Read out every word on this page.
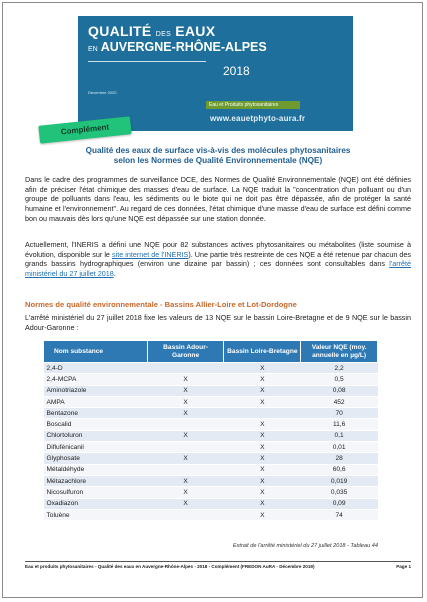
QUALITÉ DES EAUX
EN AUVERGNE-RHÔNE-ALPES
2018
Décembre 2020
Eau et Produits phytosanitaires
www.eauetphyto-aura.fr
Complément
Qualité des eaux de surface vis-à-vis des molécules phytosanitaires
selon les Normes de Qualité Environnementale (NQE)

Dans le cadre des programmes de surveillance DCE, des Normes de Qualité Environnementale (NQE) ont été définies afin de préciser l'état chimique des masses d'eau de surface. La NQE traduit la "concentration d'un polluant ou d'un groupe de polluants dans l'eau, les sédiments ou le biote qui ne doit pas être dépassée, afin de protéger la santé humaine et l'environnement". Au regard de ces données, l'état chimique d'une masse d'eau de surface est défini comme bon ou mauvais dès lors qu'une NQE est dépassée sur une station donnée.

Actuellement, l'INERIS a défini une NQE pour 82 substances actives phytosanitaires ou métabolites (liste soumise à évolution, disponible sur le site internet de l'INERIS). Une partie très restreinte de ces NQE a été retenue par chacun des grands bassins hydrographiques (environ une dizaine par bassin) ; ces données sont consultables dans l'arrêté ministériel du 27 juillet 2018.

Normes de qualité environnementale - Bassins Allier-Loire et Lot-Dordogne

L'arrêté ministériel du 27 juillet 2018 fixe les valeurs de 13 NQE sur le bassin Loire-Bretagne et de 9 NQE sur le bassin Adour-Garonne :

Nom substance	Bassin Adour-Garonne	Bassin Loire-Bretagne	Valeur NQE (moy. annuelle en µg/L)
2,4-D		X	2,2
2,4-MCPA	X	X	0,5
Aminotriazole	X	X	0,08
AMPA	X	X	452
Bentazone	X		70
Boscalid		X	11,6
Chlortoluron	X	X	0,1
Diflufénicanil		X	0,01
Glyphosate	X	X	28
Métaldéhyde		X	60,6
Métazachlore	X	X	0,019
Nicosulfuron	X	X	0,035
Oxadiazon	X	X	0,09
Toluène		X	74
Extrait de l'arrêté ministériel du 27 juillet 2018 - Tableau 44
Eau et produits phytosanitaires - Qualité des eaux en Auvergne-Rhône-Alpes - 2018 - Complément (FREDON AuRA - Décembre 2019)	Page 1
